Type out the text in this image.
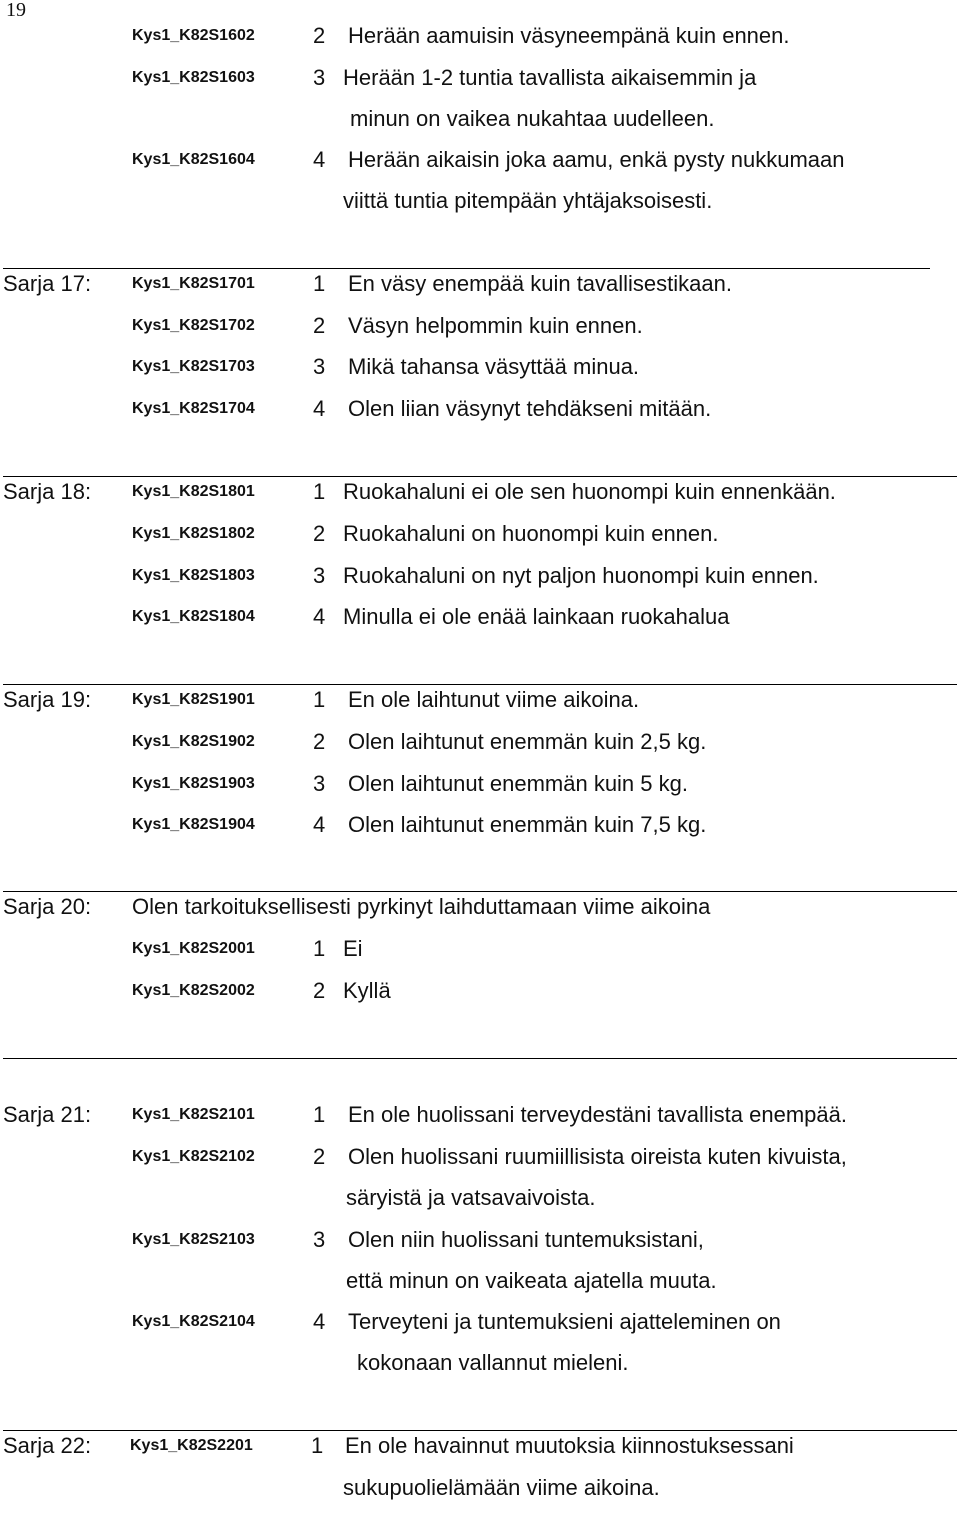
19
Kys1_K82S1602	2 Herään aamuisin väsyneempänä kuin ennen.
Kys1_K82S1603	3 Herään 1-2 tuntia tavallista aikaisemmin ja
minun on vaikea nukahtaa uudelleen.
Kys1_K82S1604	4 Herään aikaisin joka aamu, enkä pysty nukkumaan
viittä tuntia pitempään yhtäjaksoisesti.
Sarja 17:	Kys1_K82S1701	1 En väsy enempää kuin tavallisestikaan.
Kys1_K82S1702	2 Väsyn helpommin kuin ennen.
Kys1_K82S1703	3 Mikä tahansa väsyttää minua.
Kys1_K82S1704	4 Olen liian väsynyt tehdäkseni mitään.
Sarja 18:	Kys1_K82S1801	1 Ruokahaluni ei ole sen huonompi kuin ennenkään.
Kys1_K82S1802	2 Ruokahaluni on huonompi kuin ennen.
Kys1_K82S1803	3 Ruokahaluni on nyt paljon huonompi kuin ennen.
Kys1_K82S1804	4 Minulla ei ole enää lainkaan ruokahalua
Sarja 19:	Kys1_K82S1901	1 En ole laihtunut viime aikoina.
Kys1_K82S1902	2 Olen laihtunut enemmän kuin 2,5 kg.
Kys1_K82S1903	3 Olen laihtunut enemmän kuin 5 kg.
Kys1_K82S1904	4 Olen laihtunut enemmän kuin 7,5 kg.
Sarja 20: Olen tarkoituksellisesti pyrkinyt laihduttamaan viime aikoina
Kys1_K82S2001	1 Ei
Kys1_K82S2002	2 Kyllä
Sarja 21:	Kys1_K82S2101	1 En ole huolissani terveydestäni tavallista enempää.
Kys1_K82S2102	2 Olen huolissani ruumiillisista oireista kuten kivuista,
säryistä ja vatsavaivoista.
Kys1_K82S2103	3 Olen niin huolissani tuntemuksistani,
että minun on vaikeata ajatella muuta.
Kys1_K82S2104	4 Terveyteni ja tuntemuksieni ajatteleminen on
kokonaan vallannut mieleni.
Sarja 22: Kys1_K82S2201	1 En ole havainnut muutoksia kiinnostuksessani
sukupuolielämään viime aikoina.
